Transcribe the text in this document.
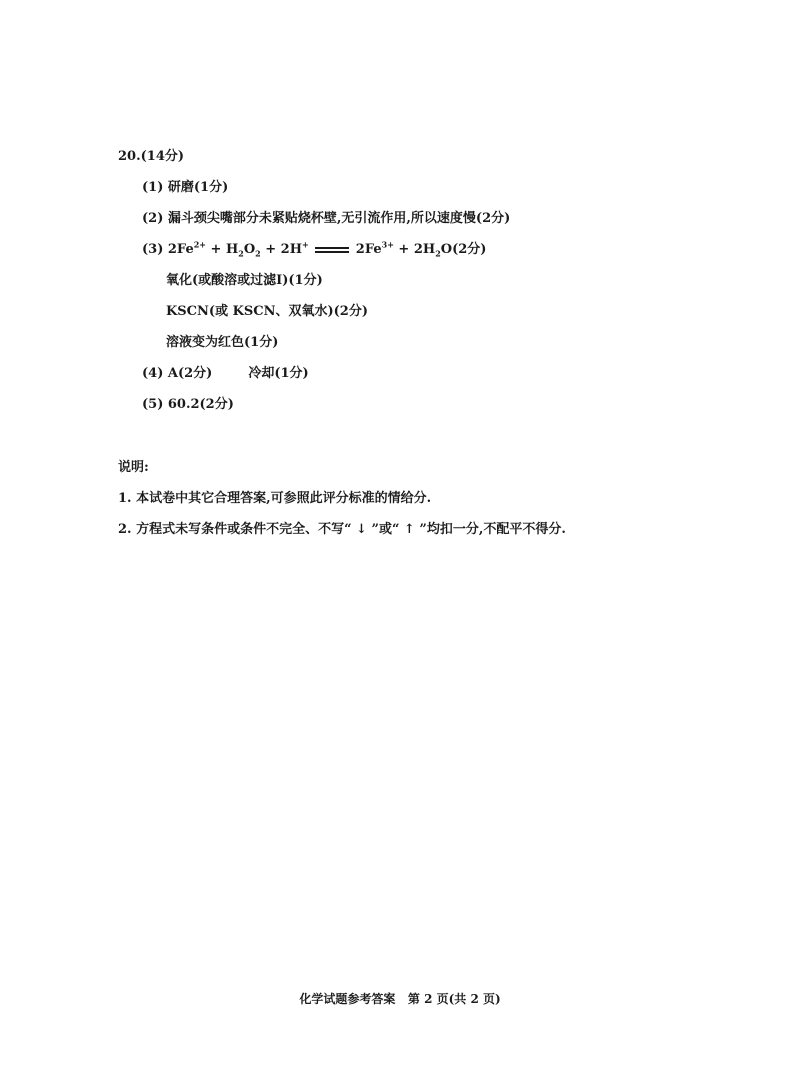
20.(14分)
(1) 研磨(1分)
(2) 漏斗颈尖嘴部分未紧贴烧杯壁,无引流作用,所以速度慢(2分)
(3) $2Fe^{2+} + H_2O_2 + 2H^+$	$2Fe^{3+} + 2H_2O(2$分)
氧化(或酸溶或过滤Ⅰ)(1分)
KSCN(或 KSCN、双氧水)(2分)
溶液变为红色(1分)
(4) A(2分)	冷却(1分)
(5) 60.2(2分)
说明:
1. 本试卷中其它合理答案,可参照此评分标准的情给分.
2. 方程式未写条件或条件不完全、不写“ ↓ ”或“ ↑ ”均扣一分,不配平不得分.
化学试题参考答案 第 2 页(共 2 页)
